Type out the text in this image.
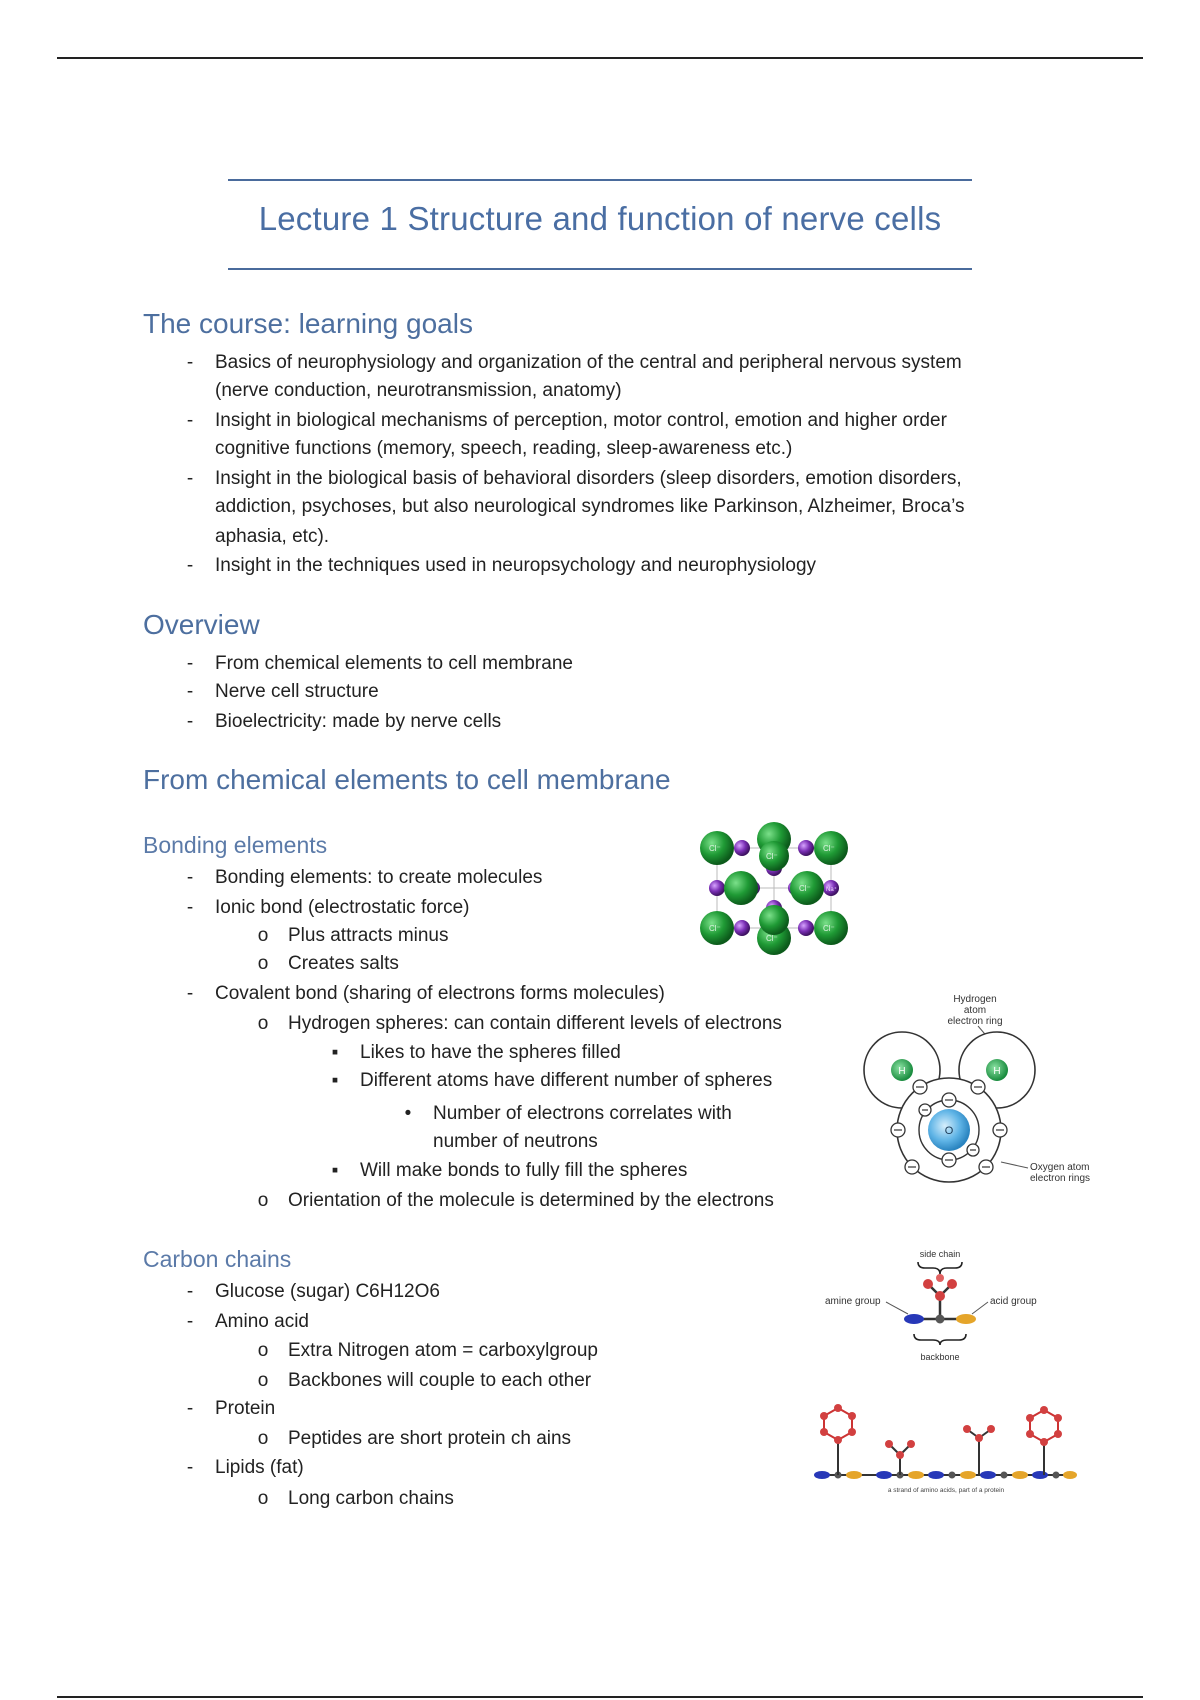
Lecture 1 Structure and function of nerve cells
The course: learning goals
-	Basics of neurophysiology and organization of the central and peripheral nervous system
(nerve conduction, neurotransmission, anatomy)
-	Insight in biological mechanisms of perception, motor control, emotion and higher order
cognitive functions (memory, speech, reading, sleep-awareness etc.)
-	Insight in the biological basis of behavioral disorders (sleep disorders, emotion disorders,
addiction, psychoses, but also neurological syndromes like Parkinson, Alzheimer, Broca’s
aphasia, etc).
-	Insight in the techniques used in neuropsychology and neurophysiology
Overview
-	From chemical elements to cell membrane
-	Nerve cell structure
-	Bioelectricity: made by nerve cells
From chemical elements to cell membrane
Bonding elements
-	Bonding elements: to create molecules
-	Ionic bond (electrostatic force)
o Plus attracts minus
o Creates salts
-	Covalent bond (sharing of electrons forms molecules)
o Hydrogen spheres: can contain different levels of electrons
▪	Likes to have the spheres filled
▪	Different atoms have different number of spheres
•	Number of electrons correlates with
number of neutrons
▪	Will make bonds to fully fill the spheres
o Orientation of the molecule is determined by the electrons
Carbon chains
-	Glucose (sugar) C6H12O6
-	Amino acid
o Extra Nitrogen atom = carboxylgroup
o Backbones will couple to each other
-	Protein
o Peptides are short protein ch ains
-	Lipids (fat)
o Long carbon chains
Cl⁻	Cl⁻
Cl⁻
Cl⁻
Cl⁻	Cl⁻
Cl⁻
Na⁺
Hydrogen
atom
electron ring
O
H	H
Oxygen atom
electron rings
side chain
amine group	acid group
backbone
a strand of amino acids, part of a protein
